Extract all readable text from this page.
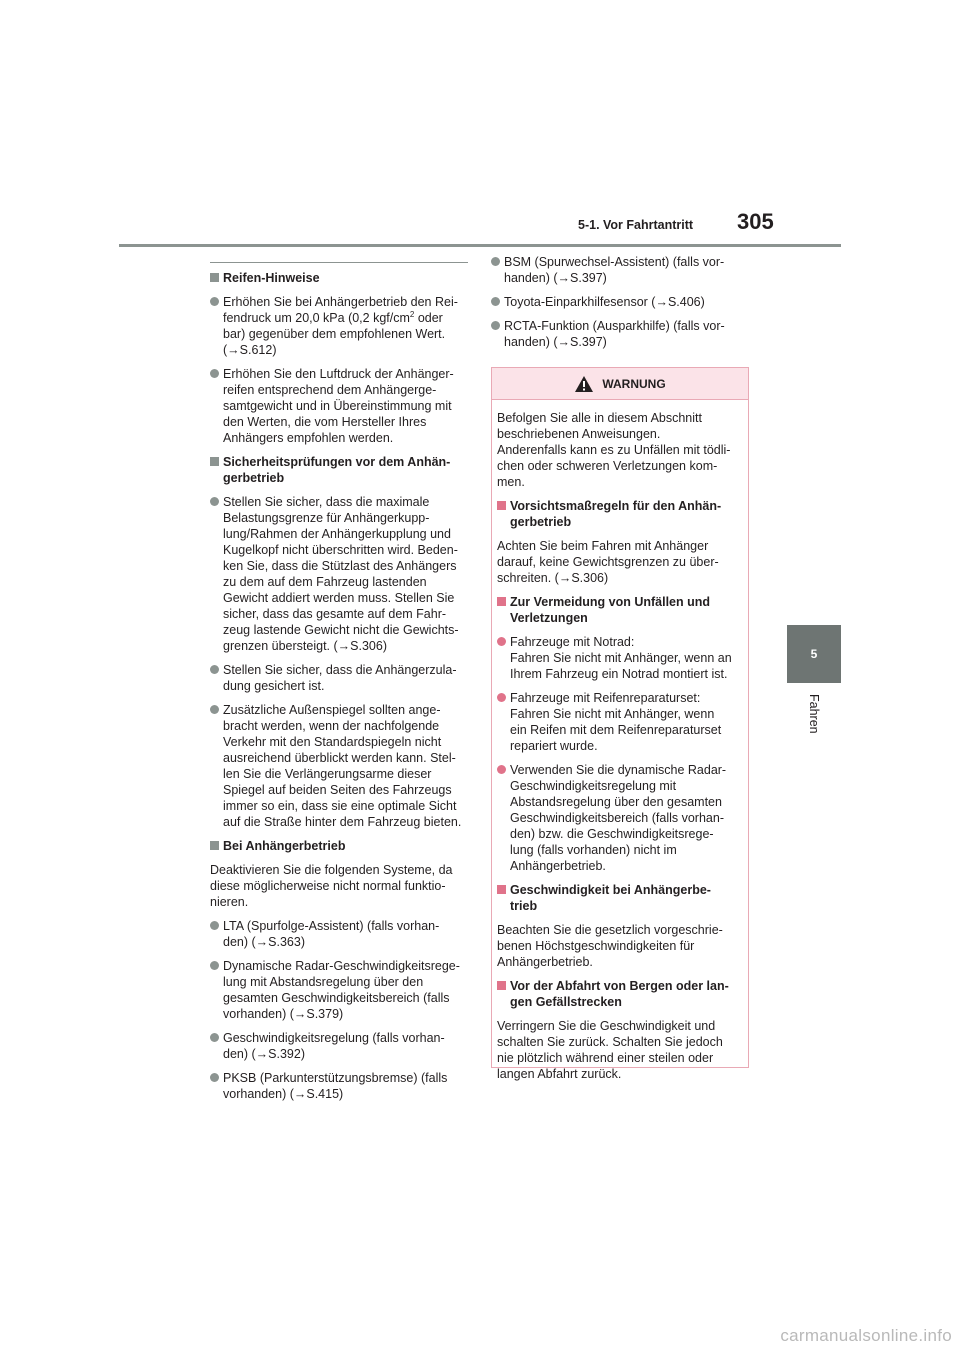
5-1. Vor Fahrtantritt 305
5
Fahren
Reifen-Hinweise
Erhöhen Sie bei Anhängerbetrieb den Rei-
fendruck um 20,0 kPa (0,2 kgf/$cm^2$ oder
bar) gegenüber dem empfohlenen Wert.
(→S.612)
Erhöhen Sie den Luftdruck der Anhänger-
reifen entsprechend dem Anhängerge-
samtgewicht und in Übereinstimmung mit
den Werten, die vom Hersteller Ihres
Anhängers empfohlen werden.
Sicherheitsprüfungen vor dem Anhän-
gerbetrieb
Stellen Sie sicher, dass die maximale
Belastungsgrenze für Anhängerkupp-
lung/Rahmen der Anhängerkupplung und
Kugelkopf nicht überschritten wird. Beden-
ken Sie, dass die Stützlast des Anhängers
zu dem auf dem Fahrzeug lastenden
Gewicht addiert werden muss. Stellen Sie
sicher, dass das gesamte auf dem Fahr-
zeug lastende Gewicht nicht die Gewichts-
grenzen übersteigt. (→S.306)
Stellen Sie sicher, dass die Anhängerzula-
dung gesichert ist.
Zusätzliche Außenspiegel sollten ange-
bracht werden, wenn der nachfolgende
Verkehr mit den Standardspiegeln nicht
ausreichend überblickt werden kann. Stel-
len Sie die Verlängerungsarme dieser
Spiegel auf beiden Seiten des Fahrzeugs
immer so ein, dass sie eine optimale Sicht
auf die Straße hinter dem Fahrzeug bieten.
Bei Anhängerbetrieb
Deaktivieren Sie die folgenden Systeme, da
diese möglicherweise nicht normal funktio-
nieren.
LTA (Spurfolge-Assistent) (falls vorhan-
den) (→S.363)
Dynamische Radar-Geschwindigkeitsrege-
lung mit Abstandsregelung über den
gesamten Geschwindigkeitsbereich (falls
vorhanden) (→S.379)
Geschwindigkeitsregelung (falls vorhan-
den) (→S.392)
PKSB (Parkunterstützungsbremse) (falls
vorhanden) (→S.415)
BSM (Spurwechsel-Assistent) (falls vor-
handen) (→S.397)
Toyota-Einparkhilfesensor (→S.406)
RCTA-Funktion (Ausparkhilfe) (falls vor-
handen) (→S.397)
WARNUNG
Befolgen Sie alle in diesem Abschnitt
beschriebenen Anweisungen.
Anderenfalls kann es zu Unfällen mit tödli-
chen oder schweren Verletzungen kom-
men.
Vorsichtsmaßregeln für den Anhän-
gerbetrieb
Achten Sie beim Fahren mit Anhänger
darauf, keine Gewichtsgrenzen zu über-
schreiten. (→S.306)
Zur Vermeidung von Unfällen und
Verletzungen
Fahrzeuge mit Notrad:
Fahren Sie nicht mit Anhänger, wenn an
Ihrem Fahrzeug ein Notrad montiert ist.
Fahrzeuge mit Reifenreparaturset:
Fahren Sie nicht mit Anhänger, wenn
ein Reifen mit dem Reifenreparaturset
repariert wurde.
Verwenden Sie die dynamische Radar-
Geschwindigkeitsregelung mit
Abstandsregelung über den gesamten
Geschwindigkeitsbereich (falls vorhan-
den) bzw. die Geschwindigkeitsrege-
lung (falls vorhanden) nicht im
Anhängerbetrieb.
Geschwindigkeit bei Anhängerbe-
trieb
Beachten Sie die gesetzlich vorgeschrie-
benen Höchstgeschwindigkeiten für
Anhängerbetrieb.
Vor der Abfahrt von Bergen oder lan-
gen Gefällstrecken
Verringern Sie die Geschwindigkeit und
schalten Sie zurück. Schalten Sie jedoch
nie plötzlich während einer steilen oder
langen Abfahrt zurück.
carmanualsonline.info
